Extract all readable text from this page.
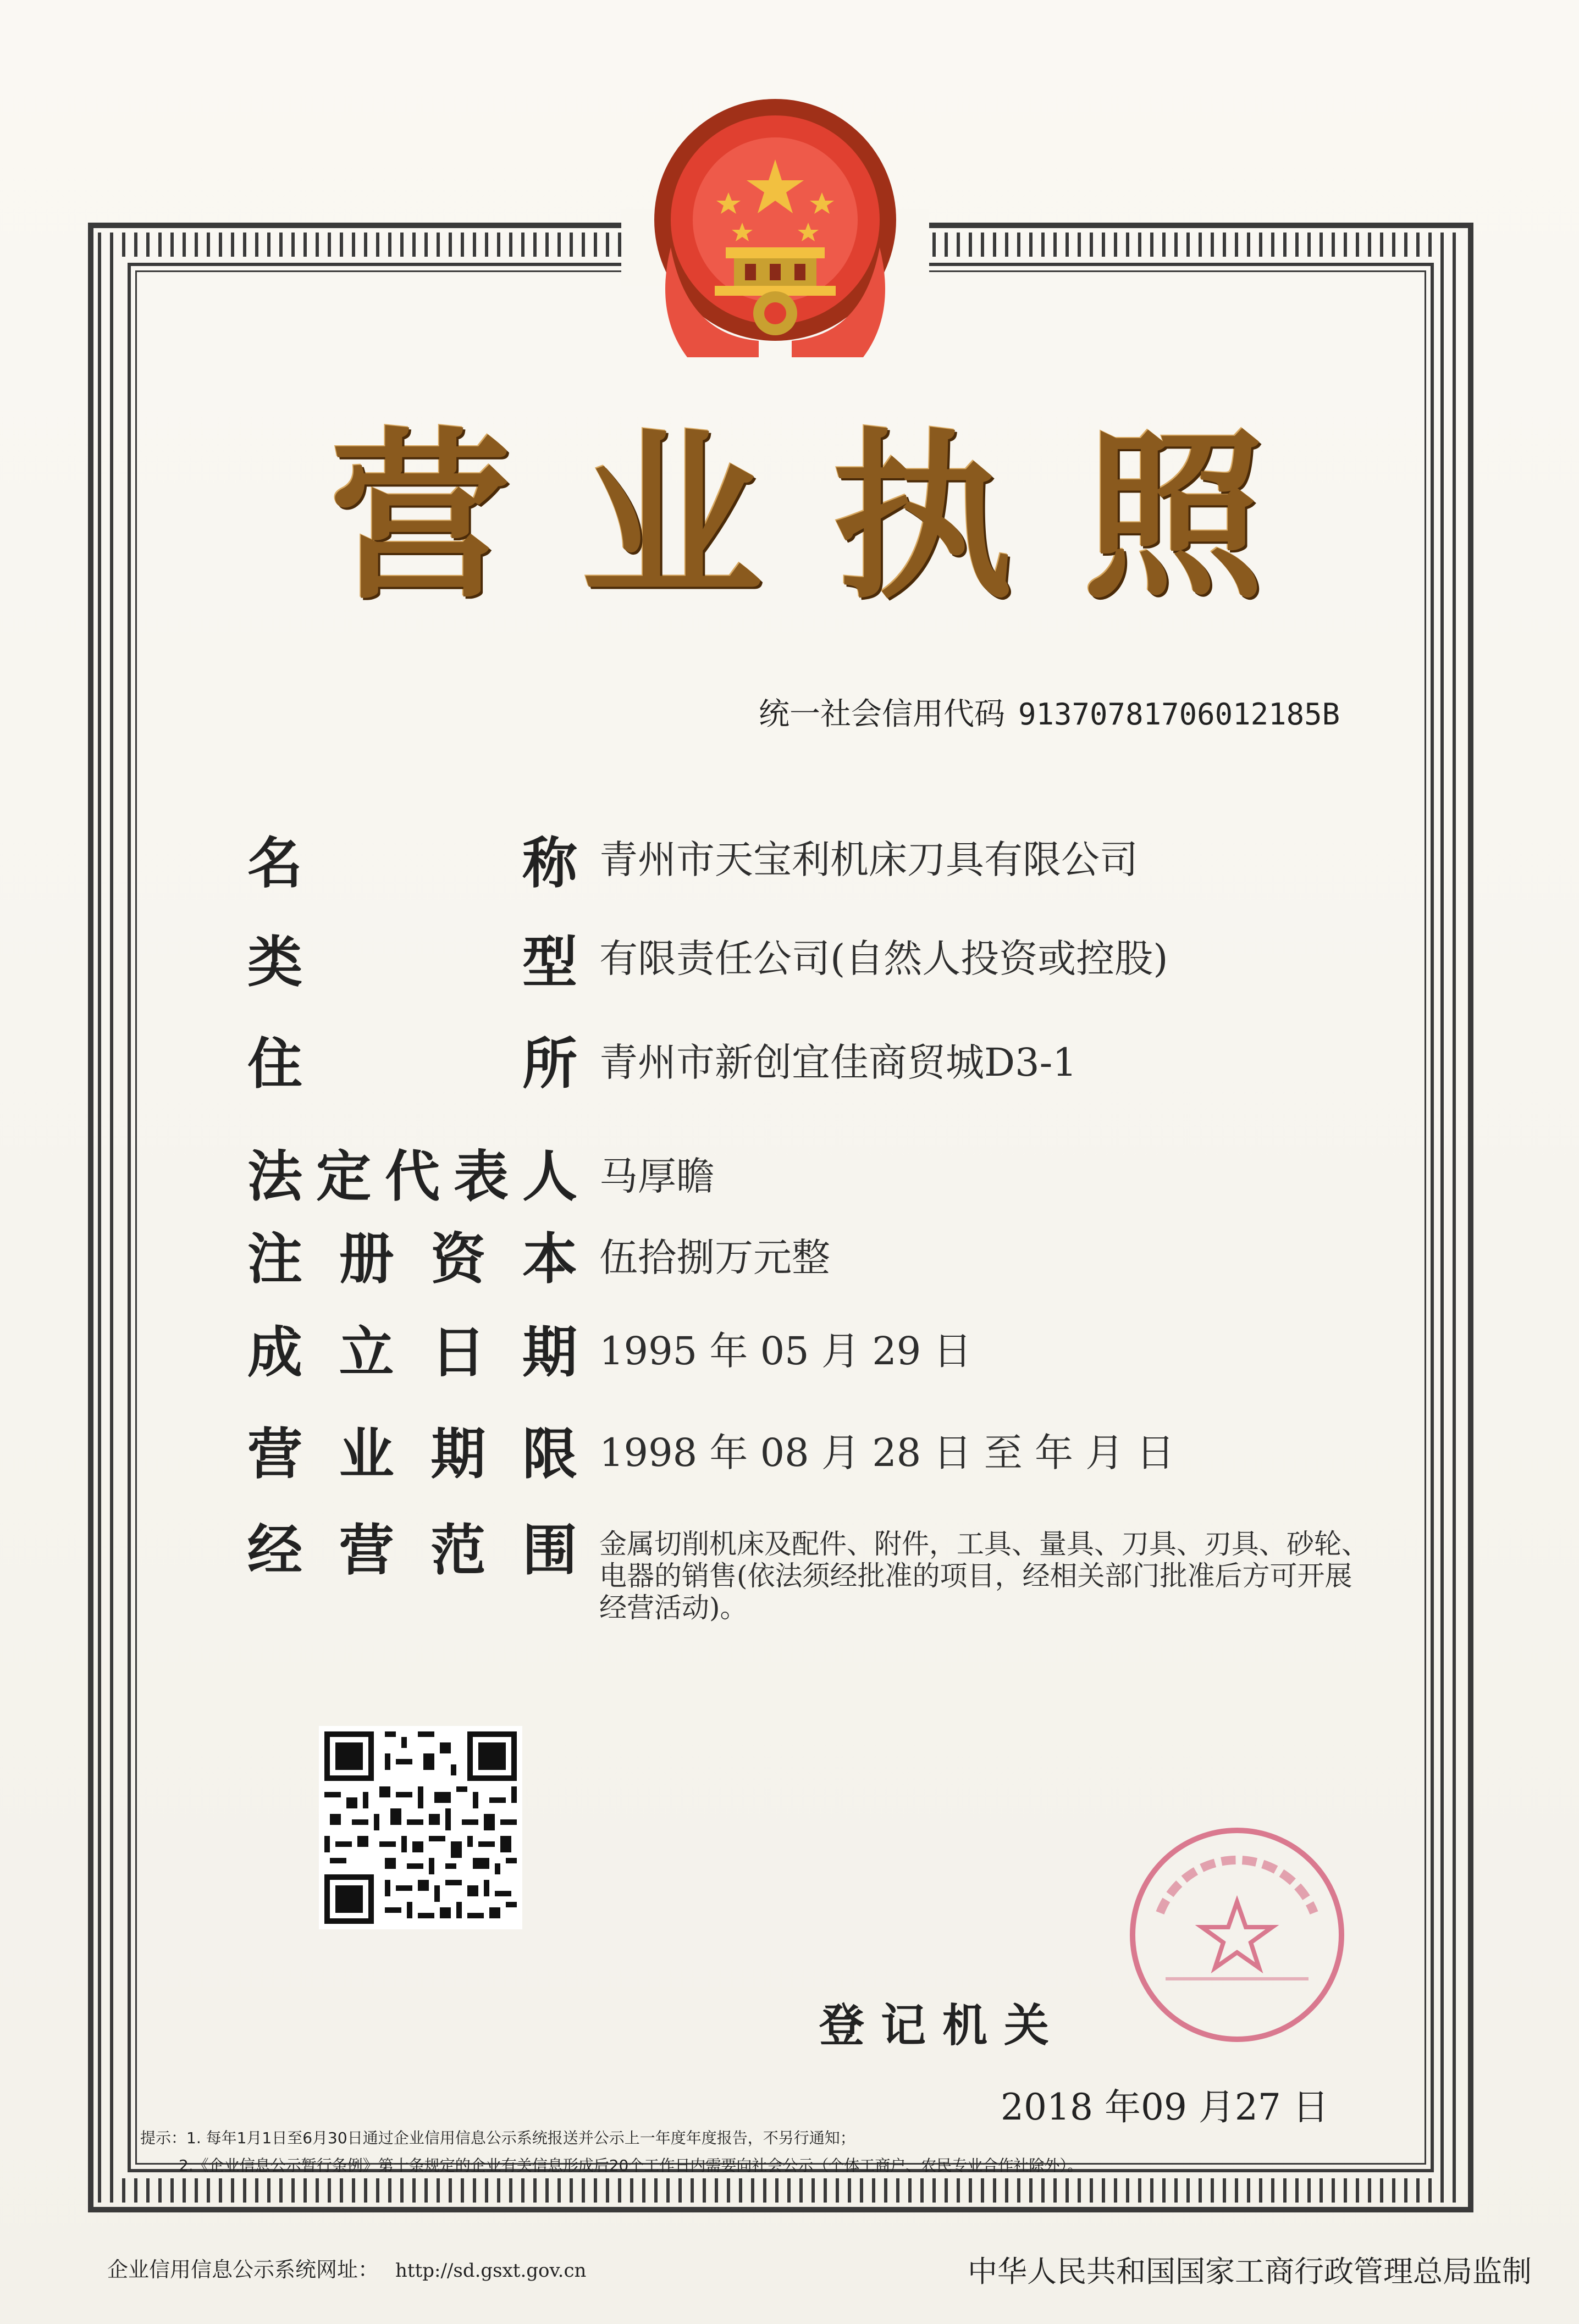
营 业 执 照
统一社会信用代码 91370781706012185B
名	称 青州市天宝利机床刀具有限公司
类	型 有限责任公司(自然人投资或控股)
住	所 青州市新创宜佳商贸城D3-1
法 定 代 表 人 马厚瞻
注 册 资 本 伍拾捌万元整
成 立 日 期 1995 年 05 月 29 日
营 业 期 限 1998 年 08 月 28 日 至 年 月 日
经 营 范 围 金属切削机床及配件、附件，工具、量具、刀具、刃具、砂轮、电器的销售(依法须经批准的项目，经相关部门批准后方可开展经营活动)。
登记机关
2018 年09 月27 日
提示：1. 每年1月1日至6月30日通过企业信用信息公示系统报送并公示上一年度年度报告，不另行通知；
2.《企业信息公示暂行条例》第十条规定的企业有关信息形成后20个工作日内需要向社会公示（个体工商户、农民专业合作社除外）。
企业信用信息公示系统网址： http://sd.gsxt.gov.cn	中华人民共和国国家工商行政管理总局监制
